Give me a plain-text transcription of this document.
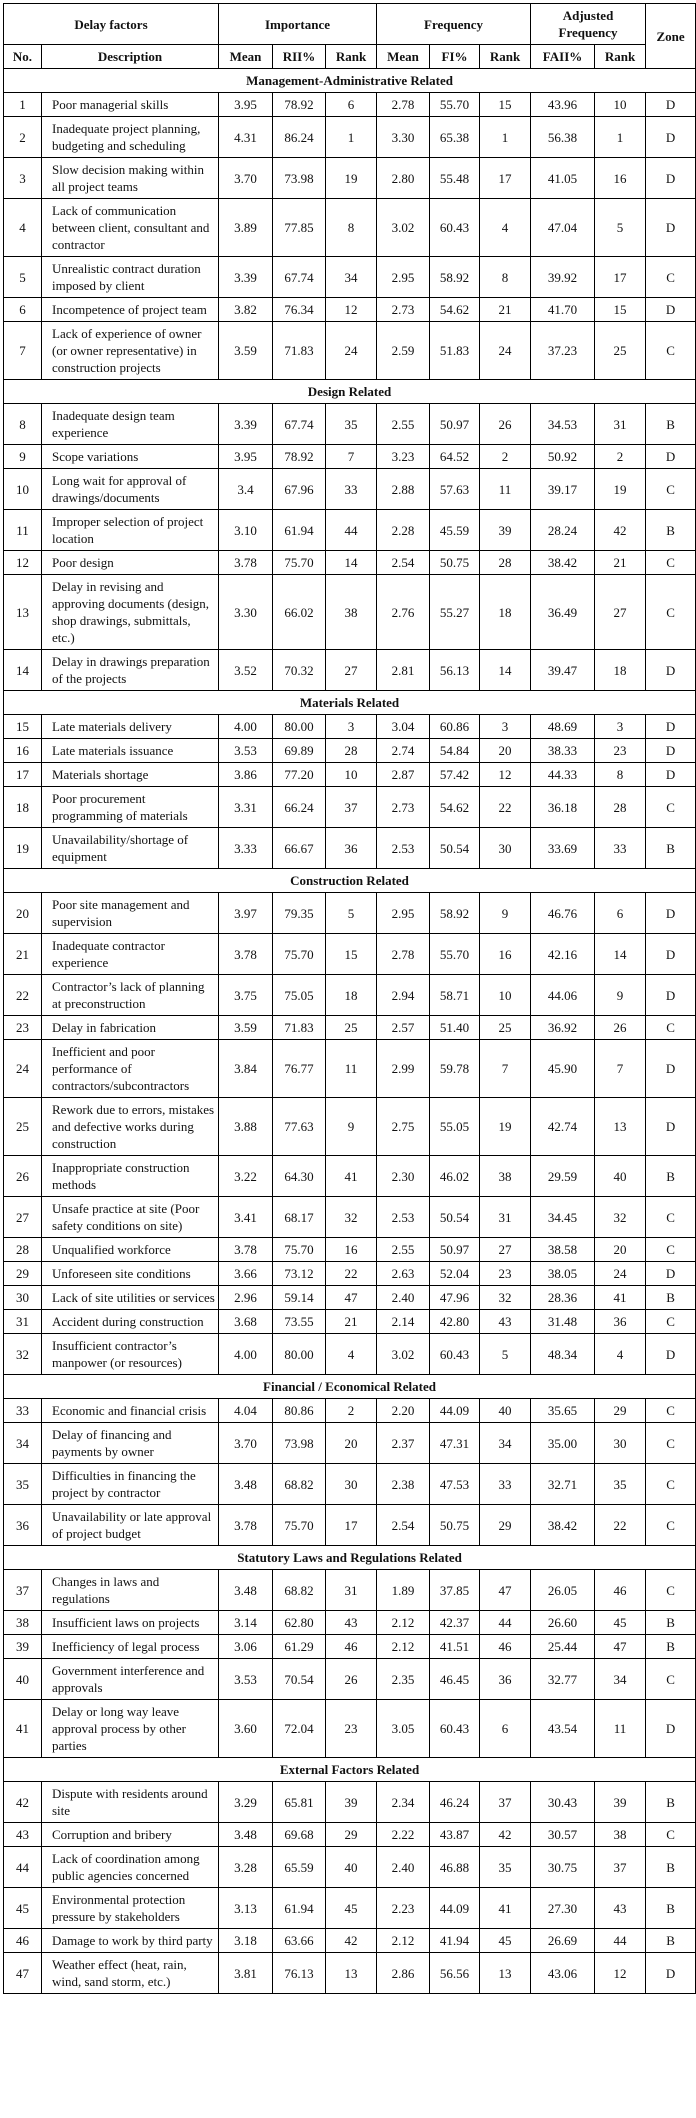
Delay factors		Importance			Frequency			Adjusted Frequency		Zone
No.	Description	Mean	RII%	Rank	Mean	FI%	Rank	FAII%	Rank	
Management-Administrative Related										
1	Poor managerial skills	3.95	78.92	6	2.78	55.70	15	43.96	10	D
2	Inadequate project planning, budgeting and scheduling	4.31	86.24	1	3.30	65.38	1	56.38	1	D
3	Slow decision making within all project teams	3.70	73.98	19	2.80	55.48	17	41.05	16	D
4	Lack of communication between client, consultant and contractor	3.89	77.85	8	3.02	60.43	4	47.04	5	D
5	Unrealistic contract duration imposed by client	3.39	67.74	34	2.95	58.92	8	39.92	17	C
6	Incompetence of project team	3.82	76.34	12	2.73	54.62	21	41.70	15	D
7	Lack of experience of owner (or owner representative) in construction projects	3.59	71.83	24	2.59	51.83	24	37.23	25	C
Design Related										
8	Inadequate design team experience	3.39	67.74	35	2.55	50.97	26	34.53	31	B
9	Scope variations	3.95	78.92	7	3.23	64.52	2	50.92	2	D
10	Long wait for approval of drawings/documents	3.4	67.96	33	2.88	57.63	11	39.17	19	C
11	Improper selection of project location	3.10	61.94	44	2.28	45.59	39	28.24	42	B
12	Poor design	3.78	75.70	14	2.54	50.75	28	38.42	21	C
13	Delay in revising and approving documents (design, shop drawings, submittals, etc.)	3.30	66.02	38	2.76	55.27	18	36.49	27	C
14	Delay in drawings preparation of the projects	3.52	70.32	27	2.81	56.13	14	39.47	18	D
Materials Related										
15	Late materials delivery	4.00	80.00	3	3.04	60.86	3	48.69	3	D
16	Late materials issuance	3.53	69.89	28	2.74	54.84	20	38.33	23	D
17	Materials shortage	3.86	77.20	10	2.87	57.42	12	44.33	8	D
18	Poor procurement programming of materials	3.31	66.24	37	2.73	54.62	22	36.18	28	C
19	Unavailability/shortage of equipment	3.33	66.67	36	2.53	50.54	30	33.69	33	B
Construction Related										
20	Poor site management and supervision	3.97	79.35	5	2.95	58.92	9	46.76	6	D
21	Inadequate contractor experience	3.78	75.70	15	2.78	55.70	16	42.16	14	D
22	Contractor’s lack of planning at preconstruction	3.75	75.05	18	2.94	58.71	10	44.06	9	D
23	Delay in fabrication	3.59	71.83	25	2.57	51.40	25	36.92	26	C
24	Inefficient and poor performance of contractors/subcontractors	3.84	76.77	11	2.99	59.78	7	45.90	7	D
25	Rework due to errors, mistakes and defective works during construction	3.88	77.63	9	2.75	55.05	19	42.74	13	D
26	Inappropriate construction methods	3.22	64.30	41	2.30	46.02	38	29.59	40	B
27	Unsafe practice at site (Poor safety conditions on site)	3.41	68.17	32	2.53	50.54	31	34.45	32	C
28	Unqualified workforce	3.78	75.70	16	2.55	50.97	27	38.58	20	C
29	Unforeseen site conditions	3.66	73.12	22	2.63	52.04	23	38.05	24	D
30	Lack of site utilities or services	2.96	59.14	47	2.40	47.96	32	28.36	41	B
31	Accident during construction	3.68	73.55	21	2.14	42.80	43	31.48	36	C
32	Insufficient contractor’s manpower (or resources)	4.00	80.00	4	3.02	60.43	5	48.34	4	D
Financial / Economical Related										
33	Economic and financial crisis	4.04	80.86	2	2.20	44.09	40	35.65	29	C
34	Delay of financing and payments by owner	3.70	73.98	20	2.37	47.31	34	35.00	30	C
35	Difficulties in financing the project by contractor	3.48	68.82	30	2.38	47.53	33	32.71	35	C
36	Unavailability or late approval of project budget	3.78	75.70	17	2.54	50.75	29	38.42	22	C
Statutory Laws and Regulations Related										
37	Changes in laws and regulations	3.48	68.82	31	1.89	37.85	47	26.05	46	C
38	Insufficient laws on projects	3.14	62.80	43	2.12	42.37	44	26.60	45	B
39	Inefficiency of legal process	3.06	61.29	46	2.12	41.51	46	25.44	47	B
40	Government interference and approvals	3.53	70.54	26	2.35	46.45	36	32.77	34	C
41	Delay or long way leave approval process by other parties	3.60	72.04	23	3.05	60.43	6	43.54	11	D
External Factors Related										
42	Dispute with residents around site	3.29	65.81	39	2.34	46.24	37	30.43	39	B
43	Corruption and bribery	3.48	69.68	29	2.22	43.87	42	30.57	38	C
44	Lack of coordination among public agencies concerned	3.28	65.59	40	2.40	46.88	35	30.75	37	B
45	Environmental protection pressure by stakeholders	3.13	61.94	45	2.23	44.09	41	27.30	43	B
46	Damage to work by third party	3.18	63.66	42	2.12	41.94	45	26.69	44	B
47	Weather effect (heat, rain, wind, sand storm, etc.)	3.81	76.13	13	2.86	56.56	13	43.06	12	D
